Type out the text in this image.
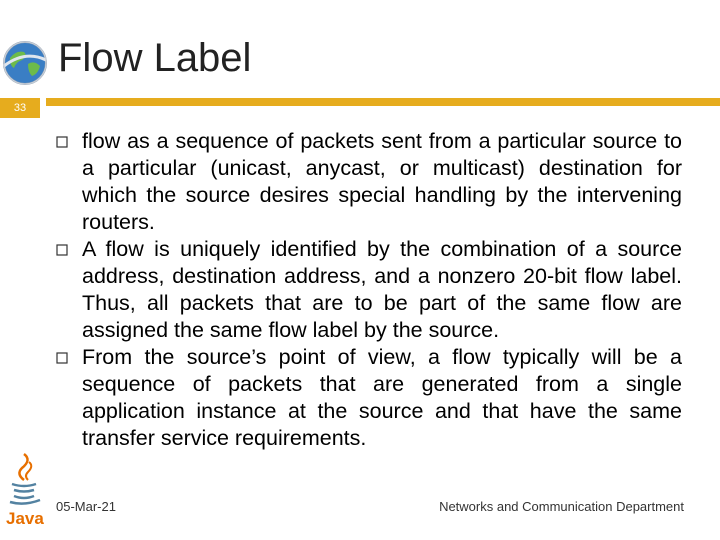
Flow Label
33
flow as a sequence of packets sent from a particular source to a particular (unicast, anycast, or multicast) destination for which the source desires special handling by the intervening routers.
A flow is uniquely identified by the combination of a source address, destination address, and a nonzero 20-bit flow label. Thus, all packets that are to be part of the same flow are assigned the same flow label by the source.
From the source’s point of view, a flow typically will be a sequence of packets that are generated from a single application instance at the source and that have the same transfer service requirements.
Java
05-Mar-21	Networks and Communication Department
